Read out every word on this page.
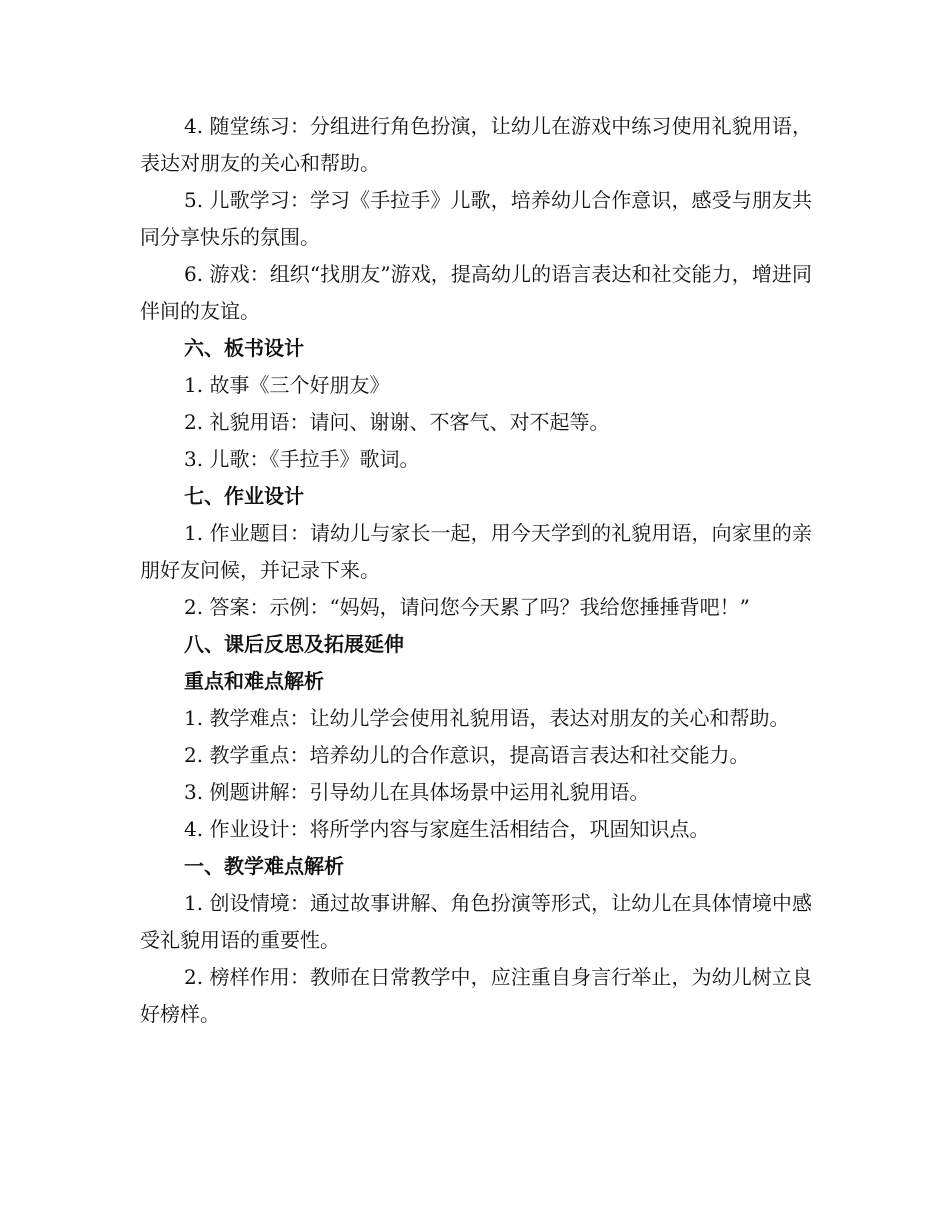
4. 随堂练习：分组进行角色扮演，让幼儿在游戏中练习使用礼貌用语，表达对朋友的关心和帮助。

5. 儿歌学习：学习《手拉手》儿歌，培养幼儿合作意识，感受与朋友共同分享快乐的氛围。

6. 游戏：组织“找朋友”游戏，提高幼儿的语言表达和社交能力，增进同伴间的友谊。

六、板书设计

1. 故事《三个好朋友》

2. 礼貌用语：请问、谢谢、不客气、对不起等。

3. 儿歌：《手拉手》歌词。

七、作业设计

1. 作业题目：请幼儿与家长一起，用今天学到的礼貌用语，向家里的亲朋好友问候，并记录下来。

2. 答案：示例：“妈妈，请问您今天累了吗？我给您捶捶背吧！”

八、课后反思及拓展延伸

重点和难点解析

1. 教学难点：让幼儿学会使用礼貌用语，表达对朋友的关心和帮助。

2. 教学重点：培养幼儿的合作意识，提高语言表达和社交能力。

3. 例题讲解：引导幼儿在具体场景中运用礼貌用语。

4. 作业设计：将所学内容与家庭生活相结合，巩固知识点。

一、教学难点解析

1. 创设情境：通过故事讲解、角色扮演等形式，让幼儿在具体情境中感受礼貌用语的重要性。

2. 榜样作用：教师在日常教学中，应注重自身言行举止，为幼儿树立良好榜样。
